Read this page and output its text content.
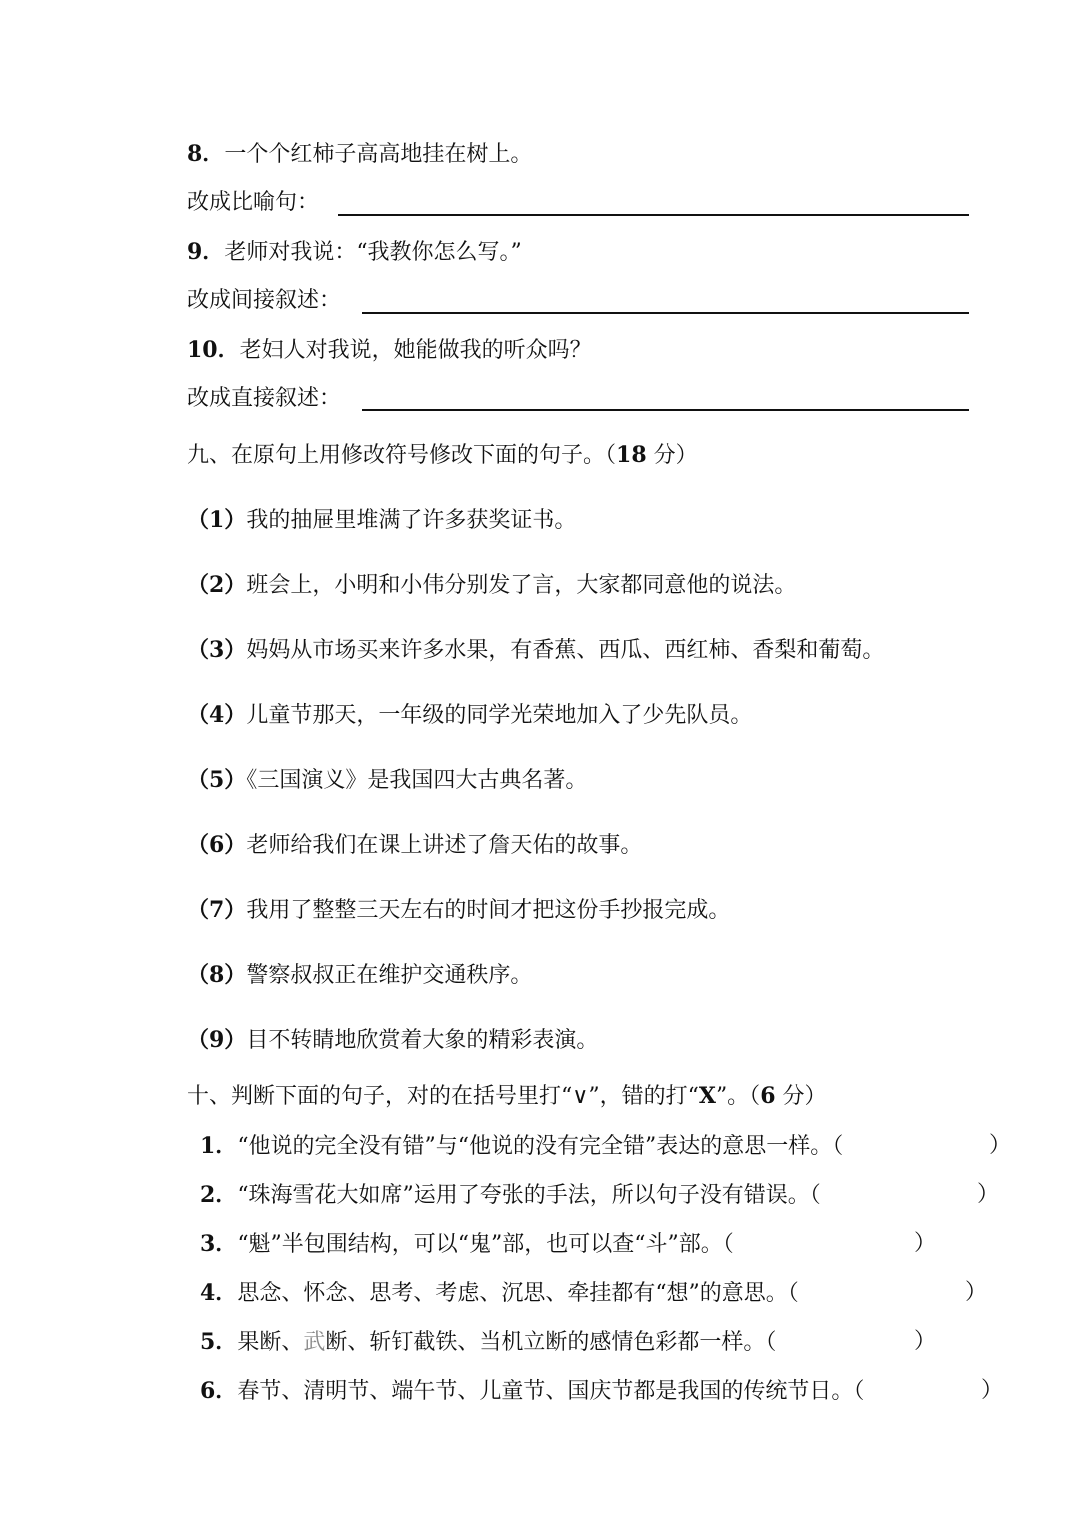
8．一个个红柿子高高地挂在树上。
改成比喻句：
9．老师对我说：“我教你怎么写。”
改成间接叙述：
10．老妇人对我说，她能做我的听众吗？
改成直接叙述：
九、在原句上用修改符号修改下面的句子。（18 分）
（1）我的抽屉里堆满了许多获奖证书。
（2）班会上，小明和小伟分别发了言，大家都同意他的说法。
（3）妈妈从市场买来许多水果，有香蕉、西瓜、西红柿、香梨和葡萄。
（4）儿童节那天，一年级的同学光荣地加入了少先队员。
（5）《三国演义》是我国四大古典名著。
（6）老师给我们在课上讲述了詹天佑的故事。
（7）我用了整整三天左右的时间才把这份手抄报完成。
（8）警察叔叔正在维护交通秩序。
（9）目不转睛地欣赏着大象的精彩表演。
十、判断下面的句子，对的在括号里打“∨”，错的打“X”。（6 分）
1．“他说的完全没有错”与“他说的没有完全错”表达的意思一样。（	）
2．“珠海雪花大如席”运用了夸张的手法，所以句子没有错误。（	）
3．“魁”半包围结构，可以“鬼”部，也可以查“斗”部。（	）
4．思念、怀念、思考、考虑、沉思、牵挂都有“想”的意思。（	）
5．果断、武断、斩钉截铁、当机立断的感情色彩都一样。（	）
6．春节、清明节、端午节、儿童节、国庆节都是我国的传统节日。（	）
